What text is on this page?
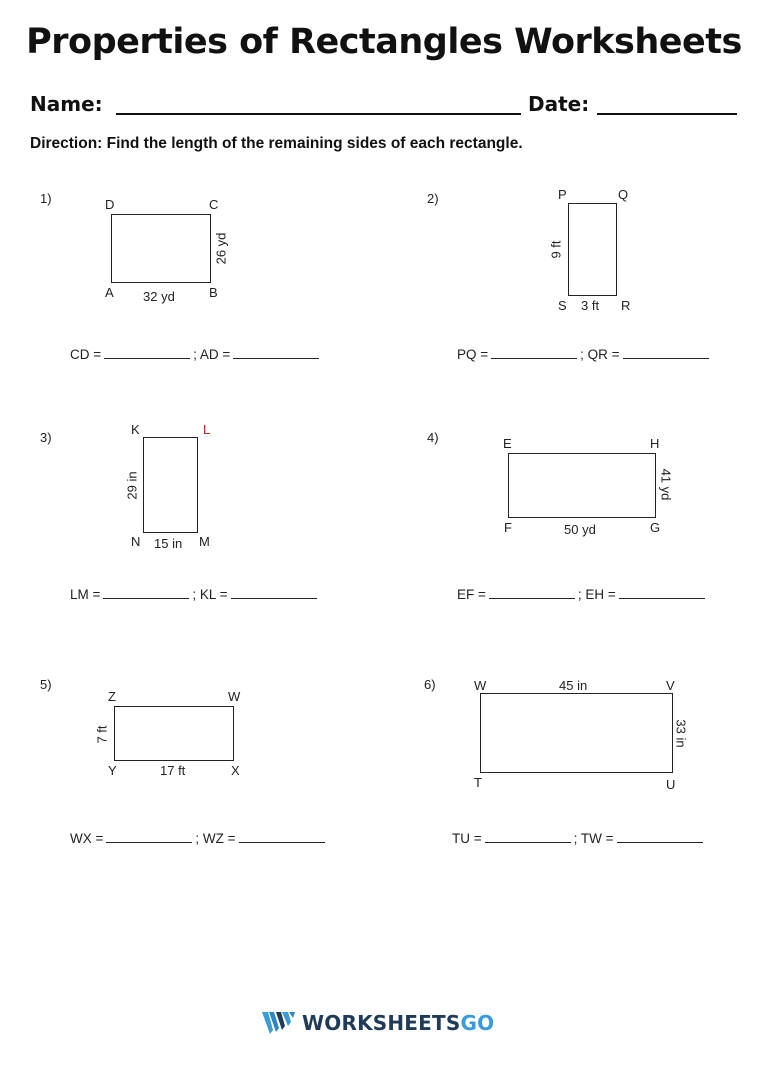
Properties of Rectangles Worksheets
Name:	Date:
Direction: Find the length of the remaining sides of each rectangle.
1)	D	C
A	B
32 yd
26 yd
CD =	; AD =
2)	P	Q
S	R
3 ft
9 ft
PQ =	; QR =
3)
K	L
N	M
15 in
29 in
LM =	; KL =
4)	E	H
F	G
50 yd
41 yd
EF =	; EH =
5)
Z	W
Y	X
17 ft
7 ft
WX =	; WZ =
6)	W	V
T	U
45 in
33 in
TU =	; TW =
WORKSHEETSGO
